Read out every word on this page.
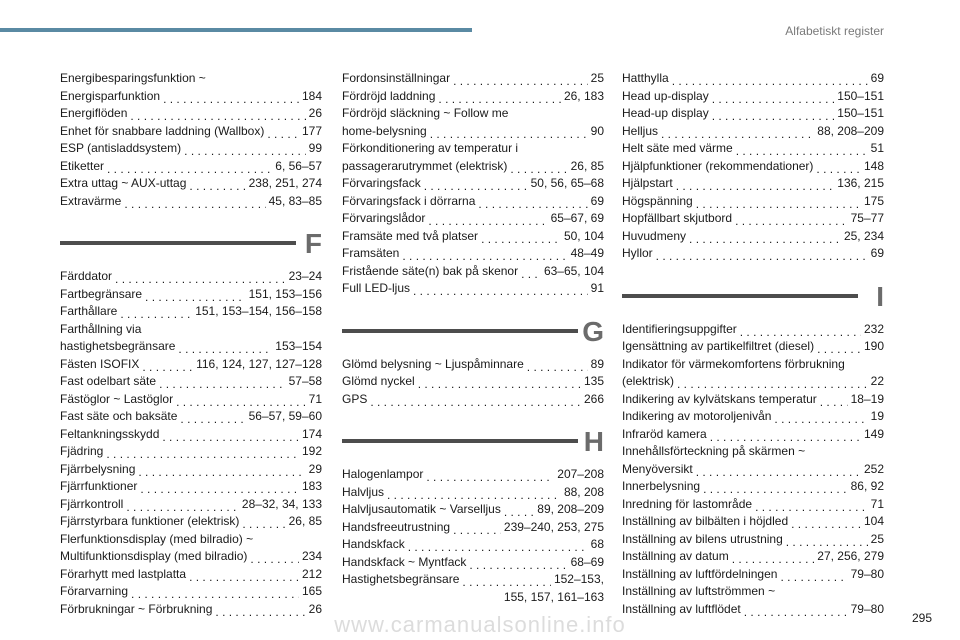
Alfabetiskt register
Energibesparingsfunktion ~
Energisparfunktion . . .	184
Energiflöden . . .	26
Enhet för snabbare laddning (Wallbox) . . .	177
ESP (antisladdsystem) . . .	99
Etiketter . . .	6, 56–57
Extra uttag ~ AUX-uttag . . .	238, 251, 274
Extravärme . . .	45, 83–85
F
Färddator . . .	23–24
Fartbegränsare . . .	151, 153–156
Farthållare . . .	151, 153–154, 156–158
Farthållning via
hastighetsbegränsare . . .	153–154
Fästen ISOFIX . . .	116, 124, 127, 127–128
Fast odelbart säte . . .	57–58
Fästöglor ~ Lastöglor . . .	71
Fast säte och baksäte . . .	56–57, 59–60
Feltankningsskydd . . .	174
Fjädring . . .	192
Fjärrbelysning . . .	29
Fjärrfunktioner . . .	183
Fjärrkontroll . . .	28–32, 34, 133
Fjärrstyrbara funktioner (elektrisk) . . .	26, 85
Flerfunktionsdisplay (med bilradio) ~
Multifunktionsdisplay (med bilradio) . . .	234
Förarhytt med lastplatta . . .	212
Förarvarning . . .	165
Förbrukningar ~ Förbrukning . . .	26
Fordonsinställningar . . .	25
Fördröjd laddning . . .	26, 183
Fördröjd släckning ~ Follow me
home-belysning . . .	90
Förkonditionering av temperatur i
passagerarutrymmet (elektrisk) . . .	26, 85
Förvaringsfack . . .	50, 56, 65–68
Förvaringsfack i dörrarna . . .	69
Förvaringslådor . . .	65–67, 69
Framsäte med två platser . . .	50, 104
Framsäten . . .	48–49
Fristående säte(n) bak på skenor . . . 63–65, 104
Full LED-ljus . . .	91
G
Glömd belysning ~ Ljuspåminnare . . .	89
Glömd nyckel . . .	135
GPS . . .	266
H
Halogenlampor . . .	207–208
Halvljus . . .	88, 208
Halvljusautomatik ~ Varselljus . . .	89, 208–209
Handsfreeutrustning . . .	239–240, 253, 275
Handskfack . . .	68
Handskfack ~ Myntfack . . .	68–69
Hastighetsbegränsare . . .	152–153,
155, 157, 161–163
Hatthylla . . .	69
Head up-display . . .	150–151
Head-up display . . .	150–151
Helljus . . .	88, 208–209
Helt säte med värme . . .	51
Hjälpfunktioner (rekommendationer) . . .	148
Hjälpstart . . .	136, 215
Högspänning . . .	175
Hopfällbart skjutbord . . .	75–77
Huvudmeny . . .	25, 234
Hyllor . . .	69
I
Identifieringsuppgifter . . .	232
Igensättning av partikelfiltret (diesel) . . .	190
Indikator för värmekomfortens förbrukning
(elektrisk) . . .	22
Indikering av kylvätskans temperatur . . .	18–19
Indikering av motoroljenivån . . .	19
Infraröd kamera . . .	149
Innehållsförteckning på skärmen ~
Menyöversikt . . .	252
Innerbelysning . . .	86, 92
Inredning för lastområde . . .	71
Inställning av bilbälten i höjdled . . .	104
Inställning av bilens utrustning . . .	25
Inställning av datum . . .	27, 256, 279
Inställning av luftfördelningen . . .	79–80
Inställning av luftströmmen ~
Inställning av luftflödet . . .	79–80
www.carmanualsonline.info	295
